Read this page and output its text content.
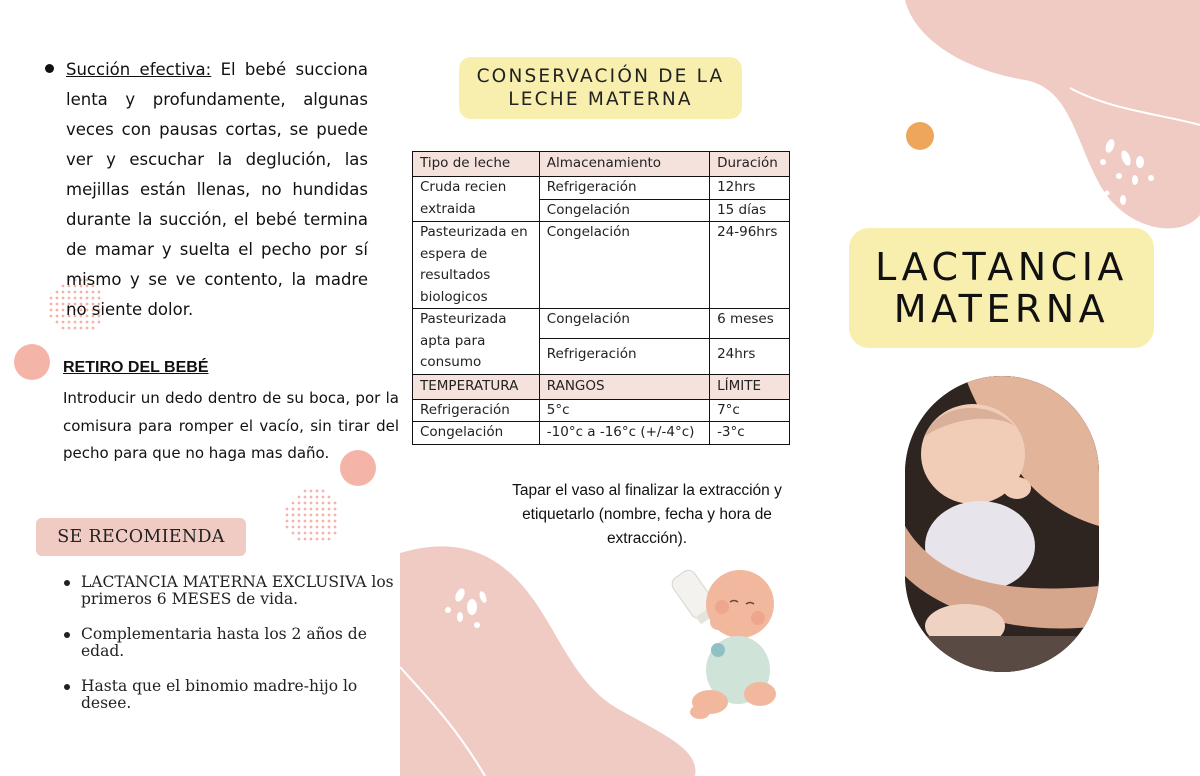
Succión efectiva: El bebé succiona lenta y profundamente, algunas veces con pausas cortas, se puede ver y escuchar la deglución, las mejillas están llenas, no hundidas durante la succión, el bebé termina de mamar y suelta el pecho por sí mismo y se ve contento, la madre no siente dolor.

RETIRO DEL BEBÉ

Introducir un dedo dentro de su boca, por la comisura para romper el vacío, sin tirar del pecho para que no haga mas daño.

SE RECOMIENDA
LACTANCIA MATERNA EXCLUSIVA los primeros 6 MESES de vida.
Complementaria hasta los 2 años de edad.
Hasta que el binomio madre-hijo lo desee.
CONSERVACIÓN DE LA
LECHE MATERNA
Tipo de leche	Almacenamiento	Duración
Cruda recien extraida	Refrigeración	12hrs
	Congelación	15 días
Pasteurizada en espera de resultados biologicos	Congelación	24-96hrs
Pasteurizada apta para consumo	Congelación	6 meses
	Refrigeración	24hrs
TEMPERATURA	RANGOS	LÍMITE
Refrigeración	5°c	7°c
Congelación	-10°c a -16°c (+/-4°c)	-3°c

Tapar el vaso al finalizar la extracción y etiquetarlo (nombre, fecha y hora de extracción).

LACTANCIA
MATERNA
